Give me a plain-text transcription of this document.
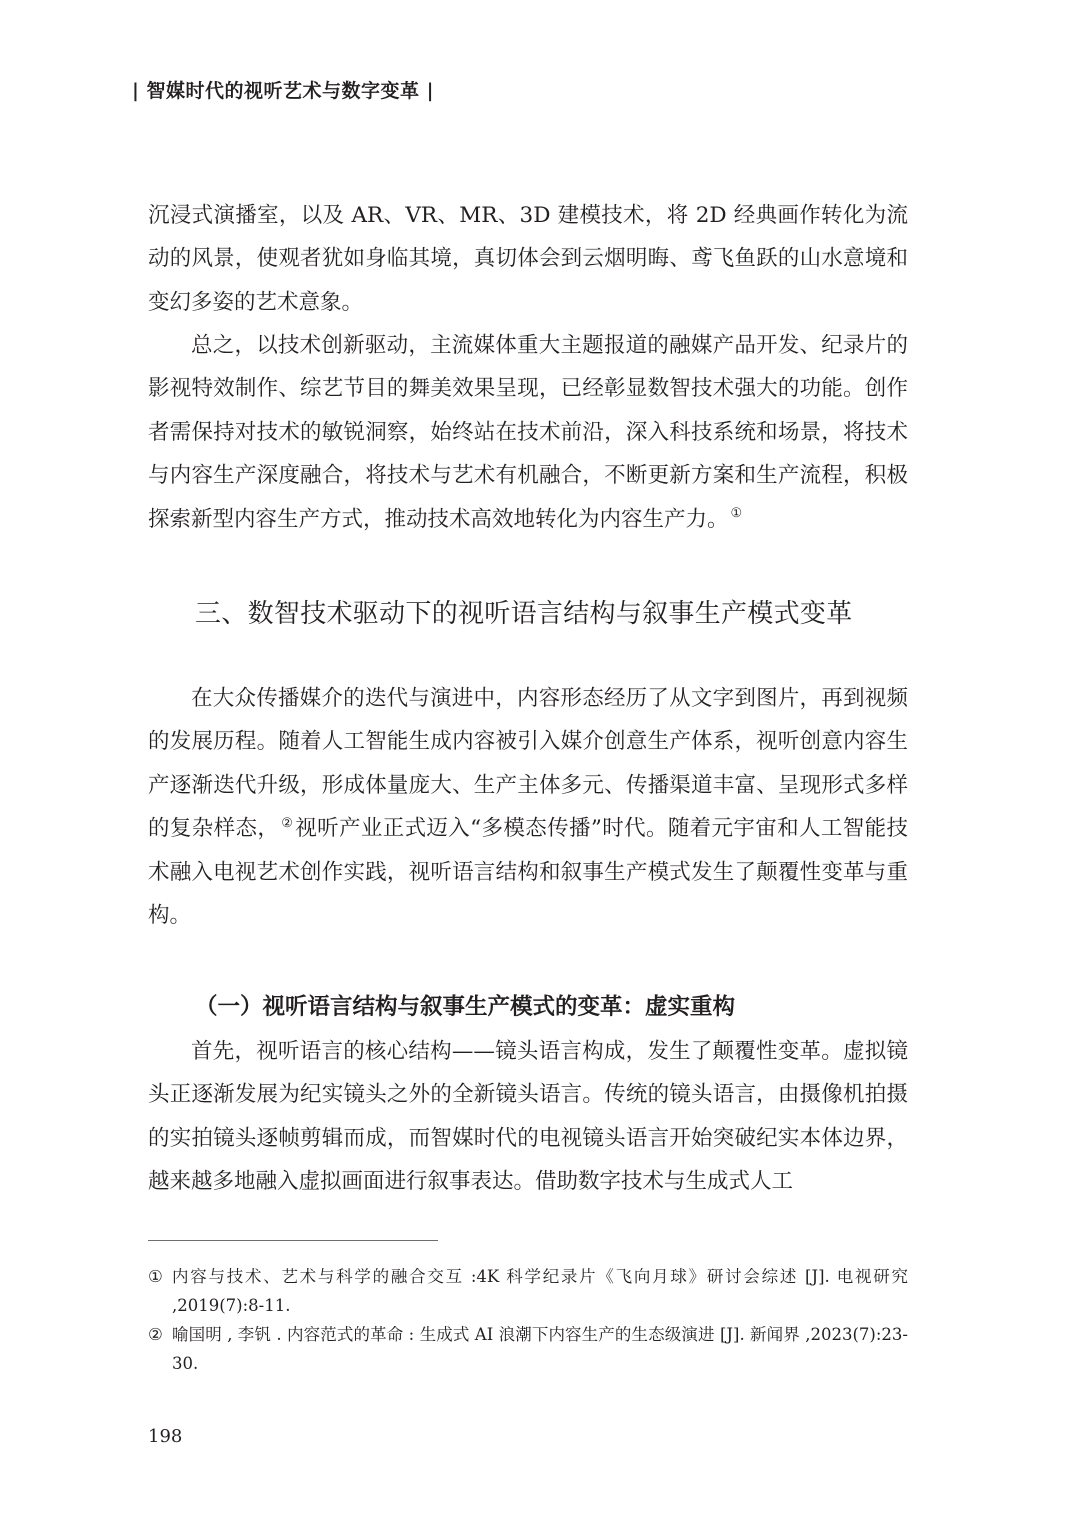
| 智媒时代的视听艺术与数字变革 |

沉浸式演播室，以及 AR、VR、MR、3D 建模技术，将 2D 经典画作转化为流动的风景，使观者犹如身临其境，真切体会到云烟明晦、鸢飞鱼跃的山水意境和变幻多姿的艺术意象。

总之，以技术创新驱动，主流媒体重大主题报道的融媒产品开发、纪录片的影视特效制作、综艺节目的舞美效果呈现，已经彰显数智技术强大的功能。创作者需保持对技术的敏锐洞察，始终站在技术前沿，深入科技系统和场景，将技术与内容生产深度融合，将技术与艺术有机融合，不断更新方案和生产流程，积极探索新型内容生产方式，推动技术高效地转化为内容生产力。 ①

三、数智技术驱动下的视听语言结构与叙事生产模式变革

在大众传播媒介的迭代与演进中，内容形态经历了从文字到图片，再到视频的发展历程。随着人工智能生成内容被引入媒介创意生产体系，视听创意内容生产逐渐迭代升级，形成体量庞大、生产主体多元、传播渠道丰富、呈现形式多样的复杂样态， ②视听产业正式迈入“多模态传播”时代。随着元宇宙和人工智能技术融入电视艺术创作实践，视听语言结构和叙事生产模式发生了颠覆性变革与重构。

（一）视听语言结构与叙事生产模式的变革：虚实重构

首先，视听语言的核心结构——镜头语言构成，发生了颠覆性变革。虚拟镜头正逐渐发展为纪实镜头之外的全新镜头语言。传统的镜头语言，由摄像机拍摄的实拍镜头逐帧剪辑而成，而智媒时代的电视镜头语言开始突破纪实本体边界，越来越多地融入虚拟画面进行叙事表达。借助数字技术与生成式人工

① 内容与技术、艺术与科学的融合交互 :4K 科学纪录片《飞向月球》研讨会综述 [J]. 电视研究 ,2019(7):8-11.

② 喻国明 , 李钒 . 内容范式的革命 : 生成式 AI 浪潮下内容生产的生态级演进 [J]. 新闻界 ,2023(7):23-30.

198
